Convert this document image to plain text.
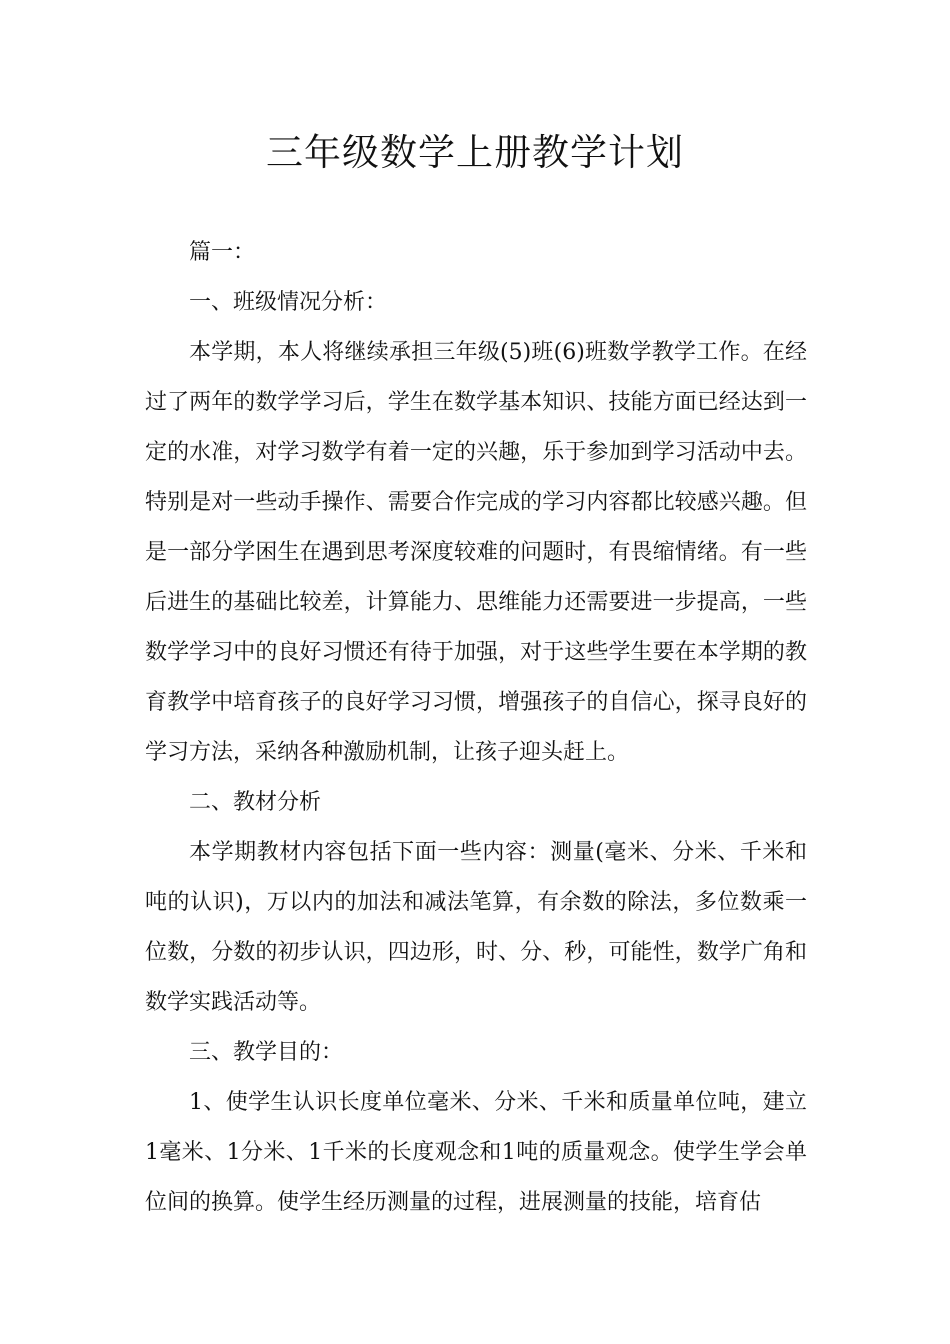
三年级数学上册教学计划

篇一：

一、班级情况分析：

本学期，本人将继续承担三年级(5)班(6)班数学教学工作。在经过了两年的数学学习后，学生在数学基本知识、技能方面已经达到一定的水准，对学习数学有着一定的兴趣，乐于参加到学习活动中去。特别是对一些动手操作、需要合作完成的学习内容都比较感兴趣。但是一部分学困生在遇到思考深度较难的问题时，有畏缩情绪。有一些后进生的基础比较差，计算能力、思维能力还需要进一步提高，一些数学学习中的良好习惯还有待于加强，对于这些学生要在本学期的教育教学中培育孩子的良好学习习惯，增强孩子的自信心，探寻良好的学习方法，采纳各种激励机制，让孩子迎头赶上。

二、教材分析

本学期教材内容包括下面一些内容：测量(毫米、分米、千米和吨的认识)，万以内的加法和减法笔算，有余数的除法，多位数乘一位数，分数的初步认识，四边形，时、分、秒，可能性，数学广角和数学实践活动等。

三、教学目的：

1、使学生认识长度单位毫米、分米、千米和质量单位吨，建立1毫米、1分米、1千米的长度观念和1吨的质量观念。使学生学会单位间的换算。使学生经历测量的过程，进展测量的技能，培育估
